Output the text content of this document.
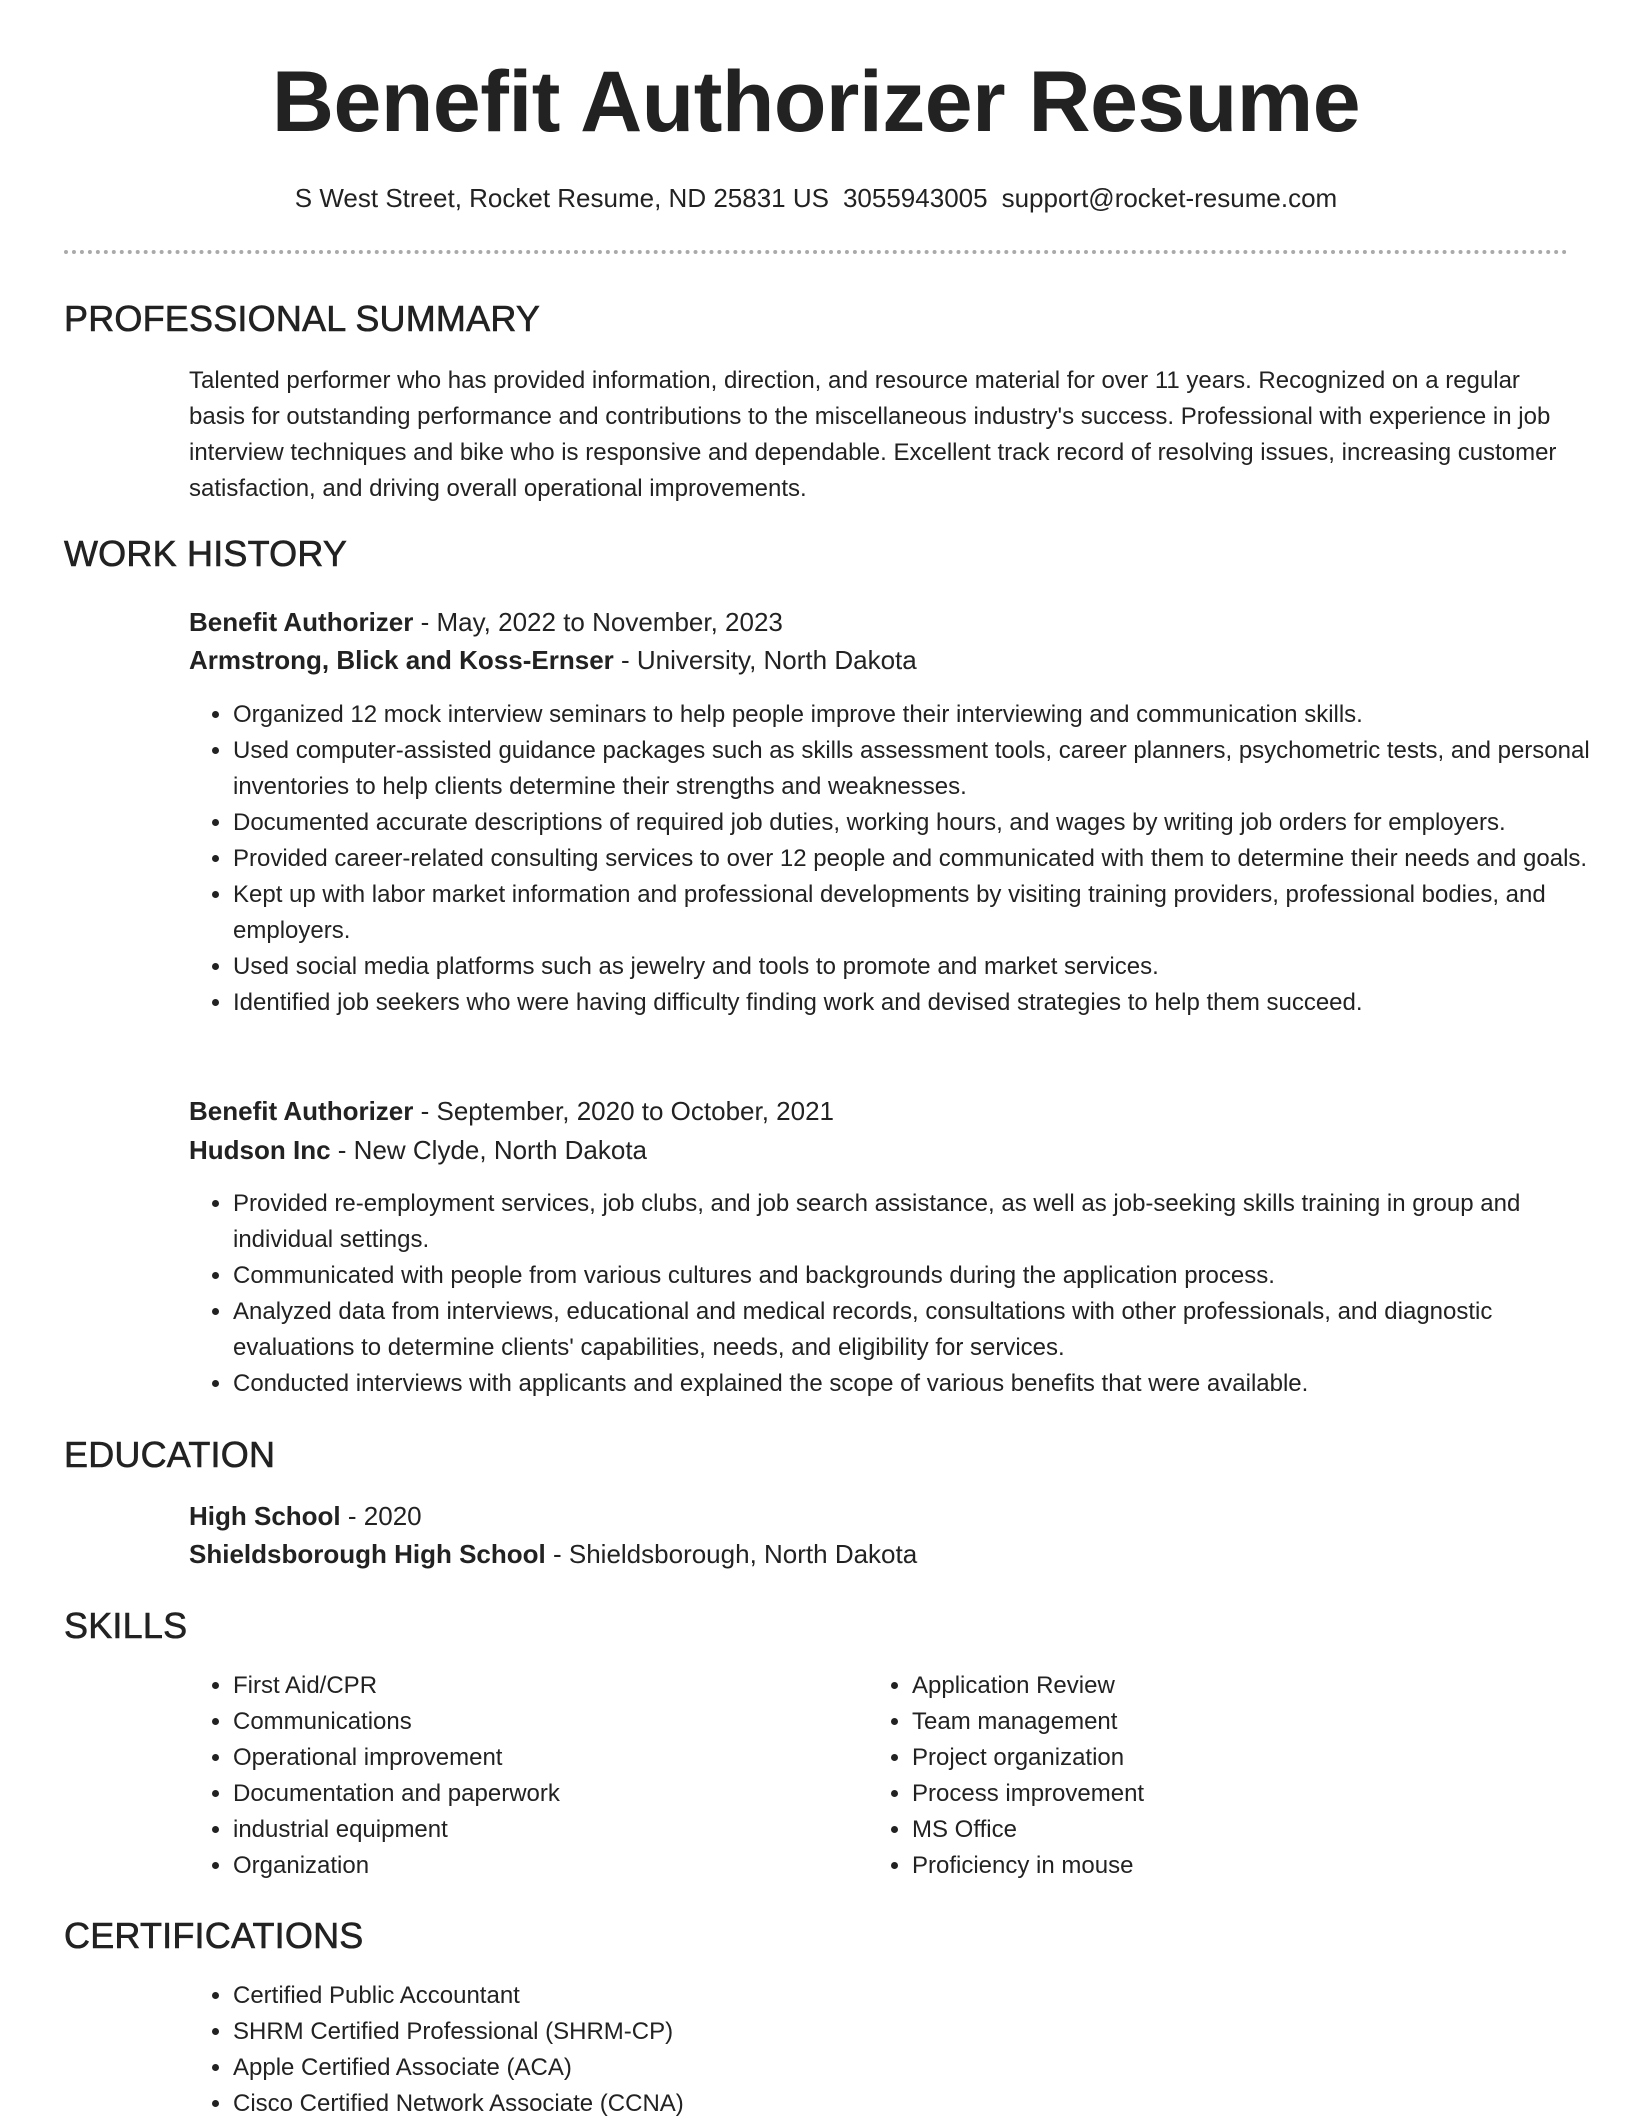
Benefit Authorizer Resume
S West Street, Rocket Resume, ND 25831 US 3055943005 support@rocket-resume.com
PROFESSIONAL SUMMARY
Talented performer who has provided information, direction, and resource material for over 11 years. Recognized on a regular basis for outstanding performance and contributions to the miscellaneous industry's success. Professional with experience in job interview techniques and bike who is responsive and dependable. Excellent track record of resolving issues, increasing customer satisfaction, and driving overall operational improvements.
WORK HISTORY
Benefit Authorizer - May, 2022 to November, 2023
Armstrong, Blick and Koss-Ernser - University, North Dakota
• Organized 12 mock interview seminars to help people improve their interviewing and communication skills.
• Used computer-assisted guidance packages such as skills assessment tools, career planners, psychometric tests, and personal inventories to help clients determine their strengths and weaknesses.
• Documented accurate descriptions of required job duties, working hours, and wages by writing job orders for employers.
• Provided career-related consulting services to over 12 people and communicated with them to determine their needs and goals.
• Kept up with labor market information and professional developments by visiting training providers, professional bodies, and employers.
• Used social media platforms such as jewelry and tools to promote and market services.
• Identified job seekers who were having difficulty finding work and devised strategies to help them succeed.
Benefit Authorizer - September, 2020 to October, 2021
Hudson Inc - New Clyde, North Dakota
• Provided re-employment services, job clubs, and job search assistance, as well as job-seeking skills training in group and individual settings.
• Communicated with people from various cultures and backgrounds during the application process.
• Analyzed data from interviews, educational and medical records, consultations with other professionals, and diagnostic evaluations to determine clients' capabilities, needs, and eligibility for services.
• Conducted interviews with applicants and explained the scope of various benefits that were available.
EDUCATION
High School - 2020
Shieldsborough High School - Shieldsborough, North Dakota
SKILLS
• First Aid/CPR
• Communications
• Operational improvement
• Documentation and paperwork
• industrial equipment
• Organization
• Application Review
• Team management
• Project organization
• Process improvement
• MS Office
• Proficiency in mouse
CERTIFICATIONS
• Certified Public Accountant
• SHRM Certified Professional (SHRM-CP)
• Apple Certified Associate (ACA)
• Cisco Certified Network Associate (CCNA)
